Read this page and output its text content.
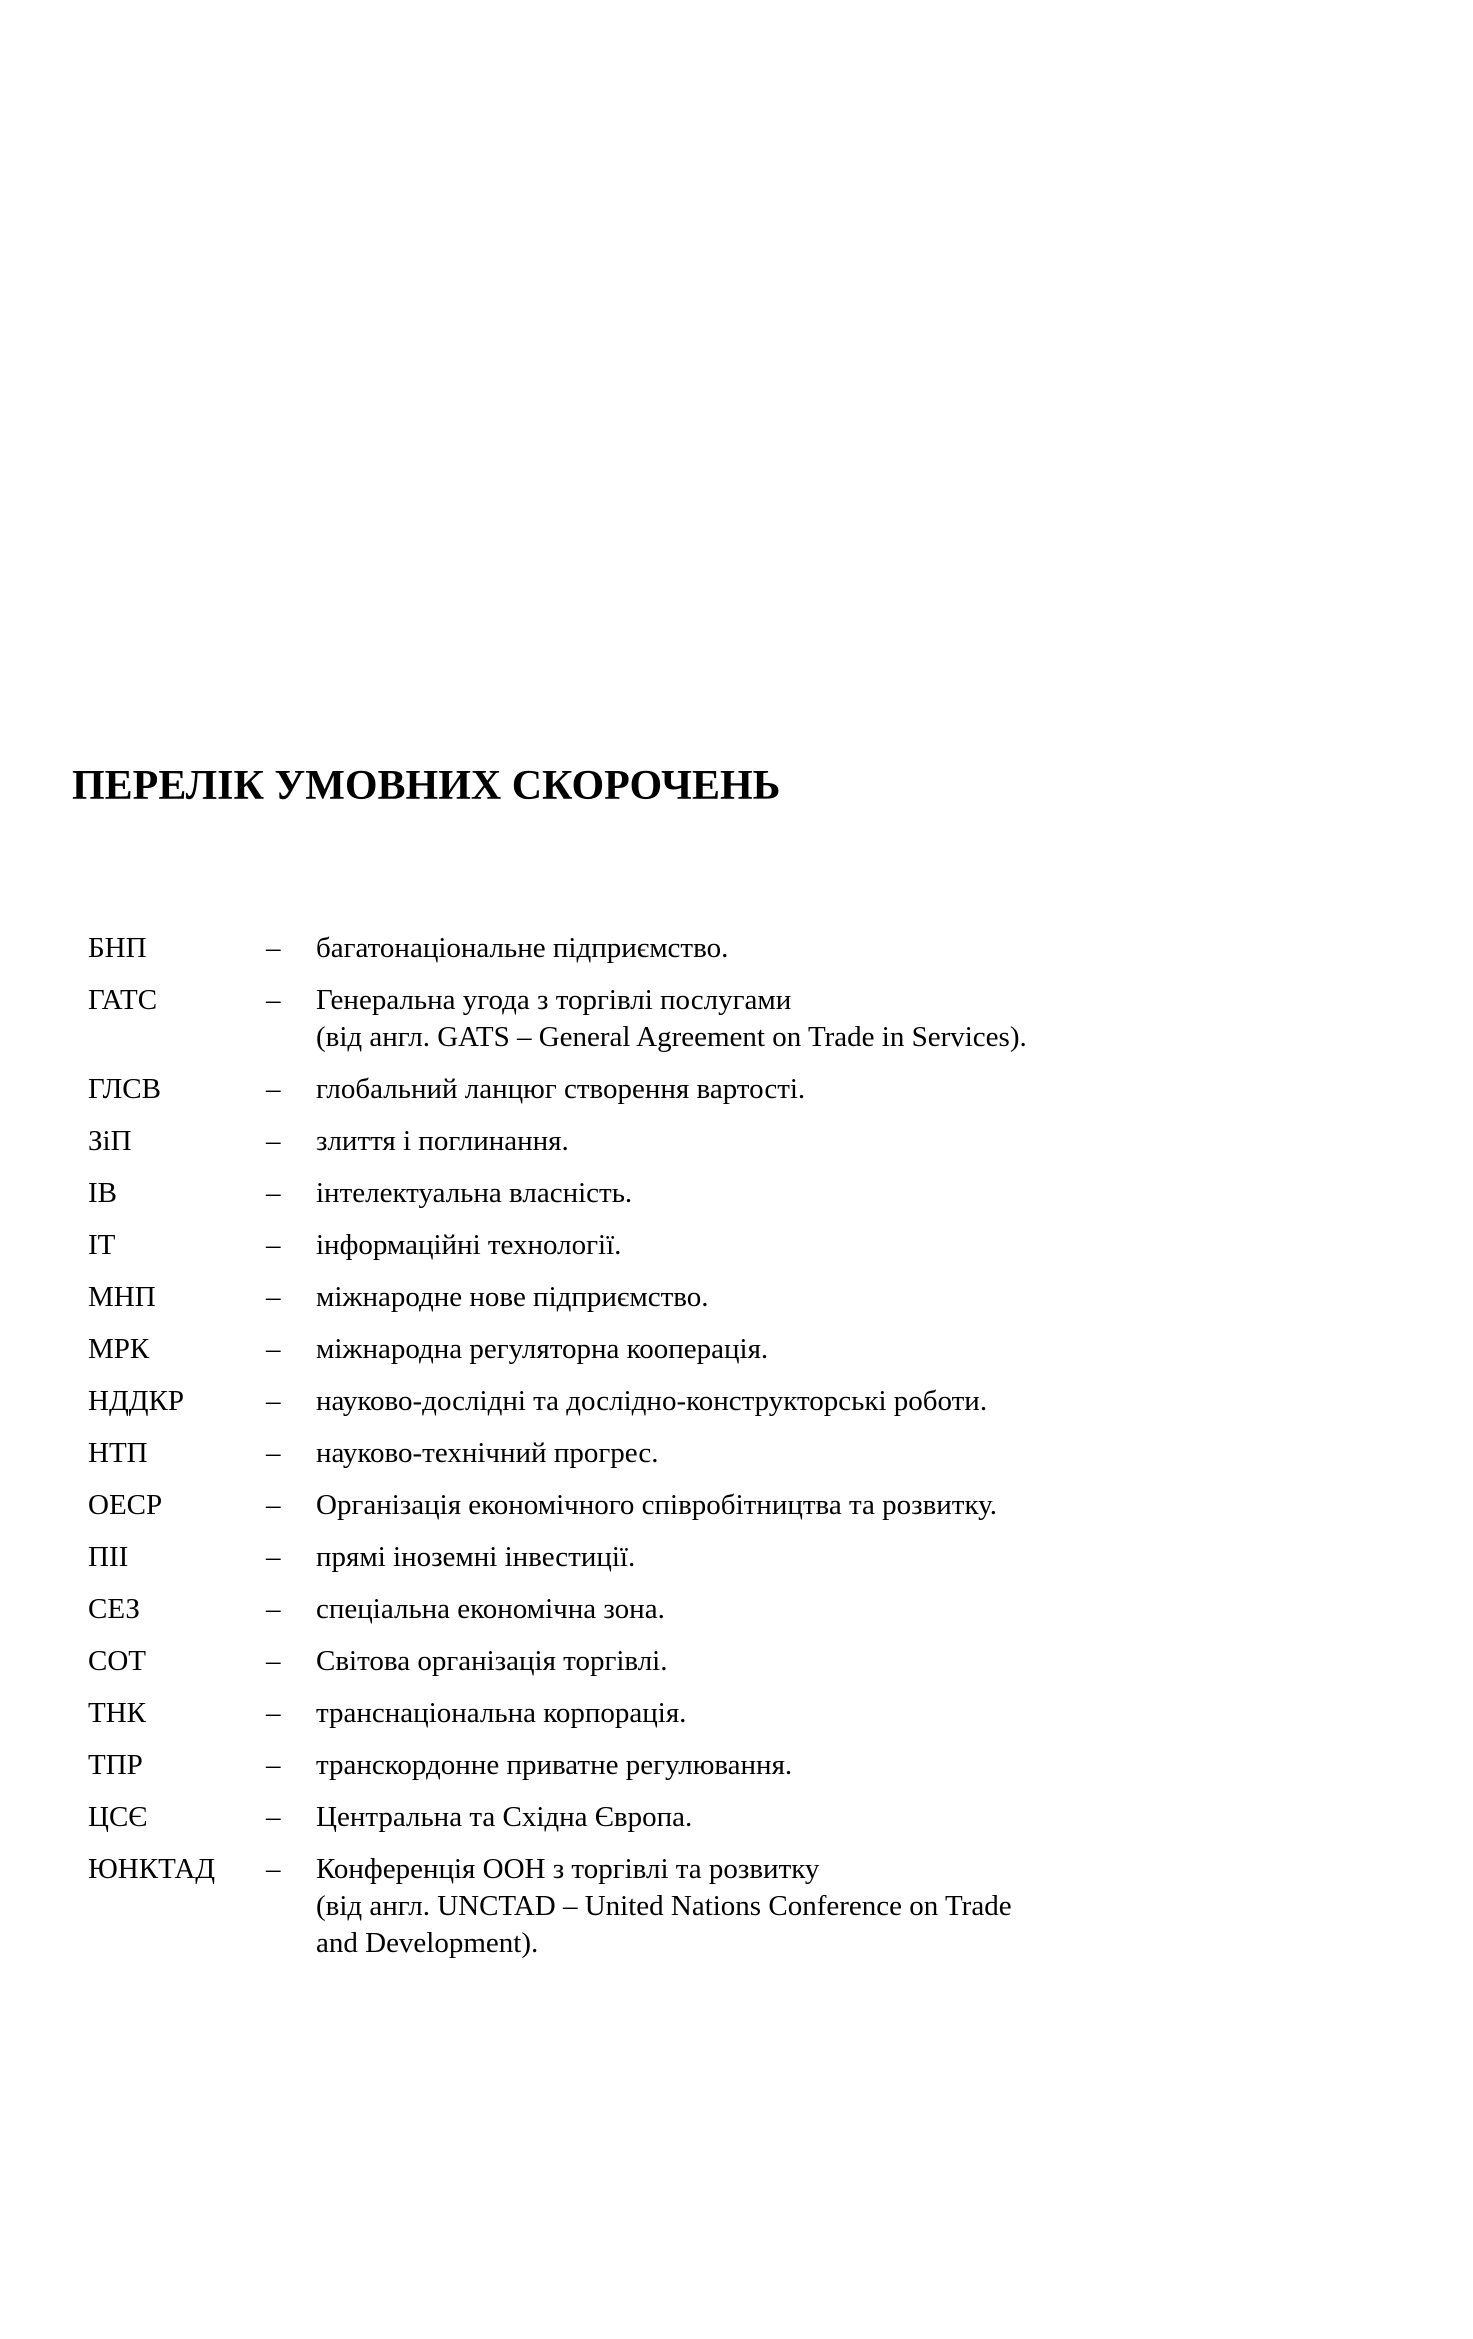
ПЕРЕЛІК УМОВНИХ СКОРОЧЕНЬ
БНП	–	багатонаціональне підприємство.
ГАТС	–	Генеральна угода з торгівлі послугами
(від англ. GATS – General Agreement on Trade in Services).
ГЛСВ	–	глобальний ланцюг створення вартості.
ЗіП	–	злиття і поглинання.
ІВ	–	інтелектуальна власність.
ІТ	–	інформаційні технології.
МНП	–	міжнародне нове підприємство.
МРК	–	міжнародна регуляторна кооперація.
НДДКР	–	науково-дослідні та дослідно-конструкторські роботи.
НТП	–	науково-технічний прогрес.
ОЕСР	–	Організація економічного співробітництва та розвитку.
ПІІ	–	прямі іноземні інвестиції.
СЕЗ	–	спеціальна економічна зона.
СОТ	–	Світова організація торгівлі.
ТНК	–	транснаціональна корпорація.
ТПР	–	транскордонне приватне регулювання.
ЦСЄ	–	Центральна та Східна Європа.
ЮНКТАД	–	Конференція ООН з торгівлі та розвитку
(від англ. UNCTAD – United Nations Conference on Trade
and Development).
